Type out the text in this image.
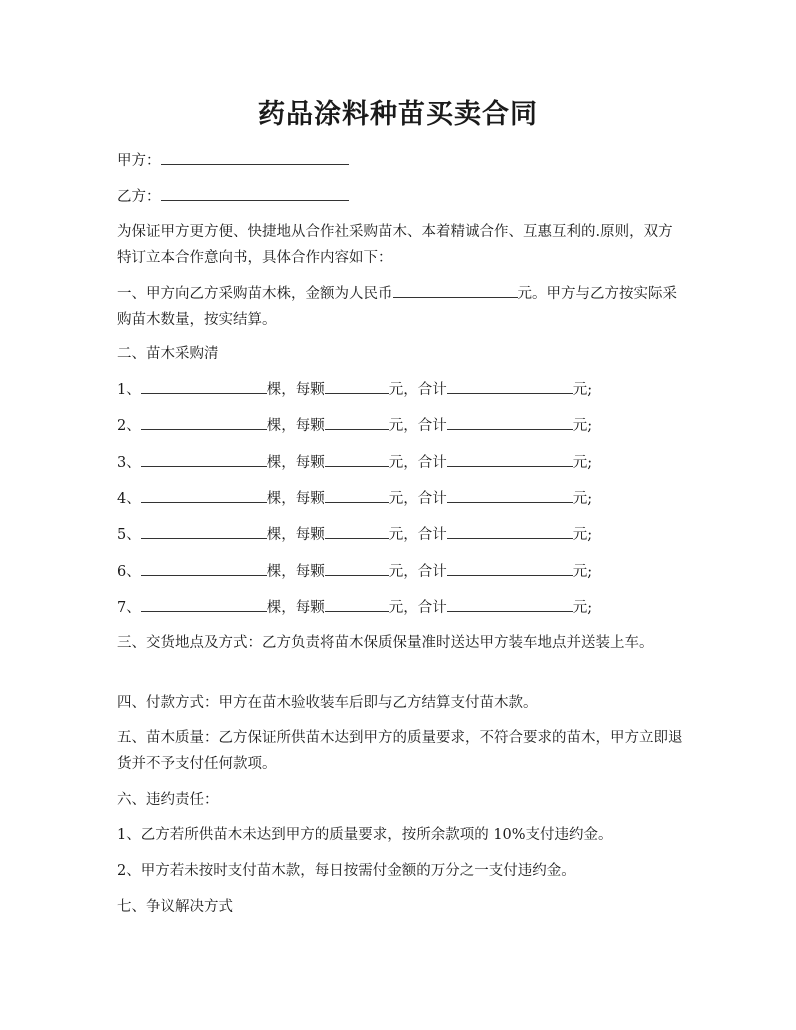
药品涂料种苗买卖合同
甲方：
乙方：
为保证甲方更方便、快捷地从合作社采购苗木、本着精诚合作、互惠互利的.原则，双方特订立本合作意向书，具体合作内容如下：
一、甲方向乙方采购苗木株，金额为人民币	元。甲方与乙方按实际采购苗木数量，按实结算。
二、苗木采购清
1、	棵，每颗	元，合计	元;
2、	棵，每颗	元，合计	元;
3、	棵，每颗	元，合计	元;
4、	棵，每颗	元，合计	元;
5、	棵，每颗	元，合计	元;
6、	棵，每颗	元，合计	元;
7、	棵，每颗	元，合计	元;
三、交货地点及方式：乙方负责将苗木保质保量准时送达甲方装车地点并送装上车。
四、付款方式：甲方在苗木验收装车后即与乙方结算支付苗木款。
五、苗木质量：乙方保证所供苗木达到甲方的质量要求，不符合要求的苗木，甲方立即退货并不予支付任何款项。
六、违约责任：
1、乙方若所供苗木未达到甲方的质量要求，按所余款项的 10%支付违约金。
2、甲方若未按时支付苗木款，每日按需付金额的万分之一支付违约金。
七、争议解决方式
